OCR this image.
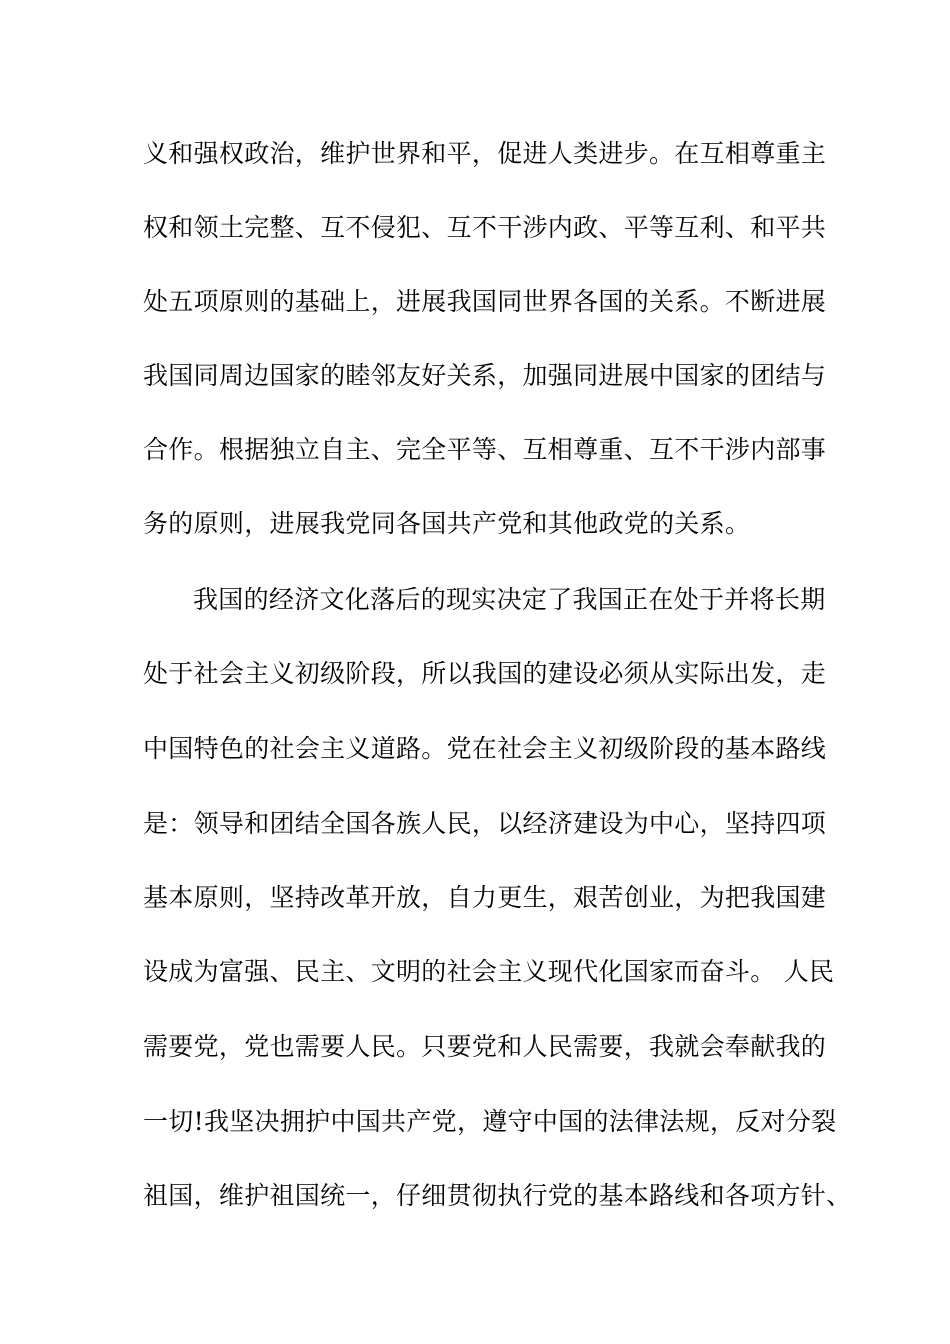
义和强权政治，维护世界和平，促进人类进步。在互相尊重主
权和领土完整、互不侵犯、互不干涉内政、平等互利、和平共
处五项原则的基础上，进展我国同世界各国的关系。不断进展
我国同周边国家的睦邻友好关系，加强同进展中国家的团结与
合作。根据独立自主、完全平等、互相尊重、互不干涉内部事
务的原则，进展我党同各国共产党和其他政党的关系。
我国的经济文化落后的现实决定了我国正在处于并将长期
处于社会主义初级阶段，所以我国的建设必须从实际出发，走
中国特色的社会主义道路。党在社会主义初级阶段的基本路线
是：领导和团结全国各族人民，以经济建设为中心，坚持四项
基本原则，坚持改革开放，自力更生，艰苦创业，为把我国建
设成为富强、民主、文明的社会主义现代化国家而奋斗。 人民
需要党，党也需要人民。只要党和人民需要，我就会奉献我的
一切!我坚决拥护中国共产党，遵守中国的法律法规，反对分裂
祖国，维护祖国统一，仔细贯彻执行党的基本路线和各项方针、
